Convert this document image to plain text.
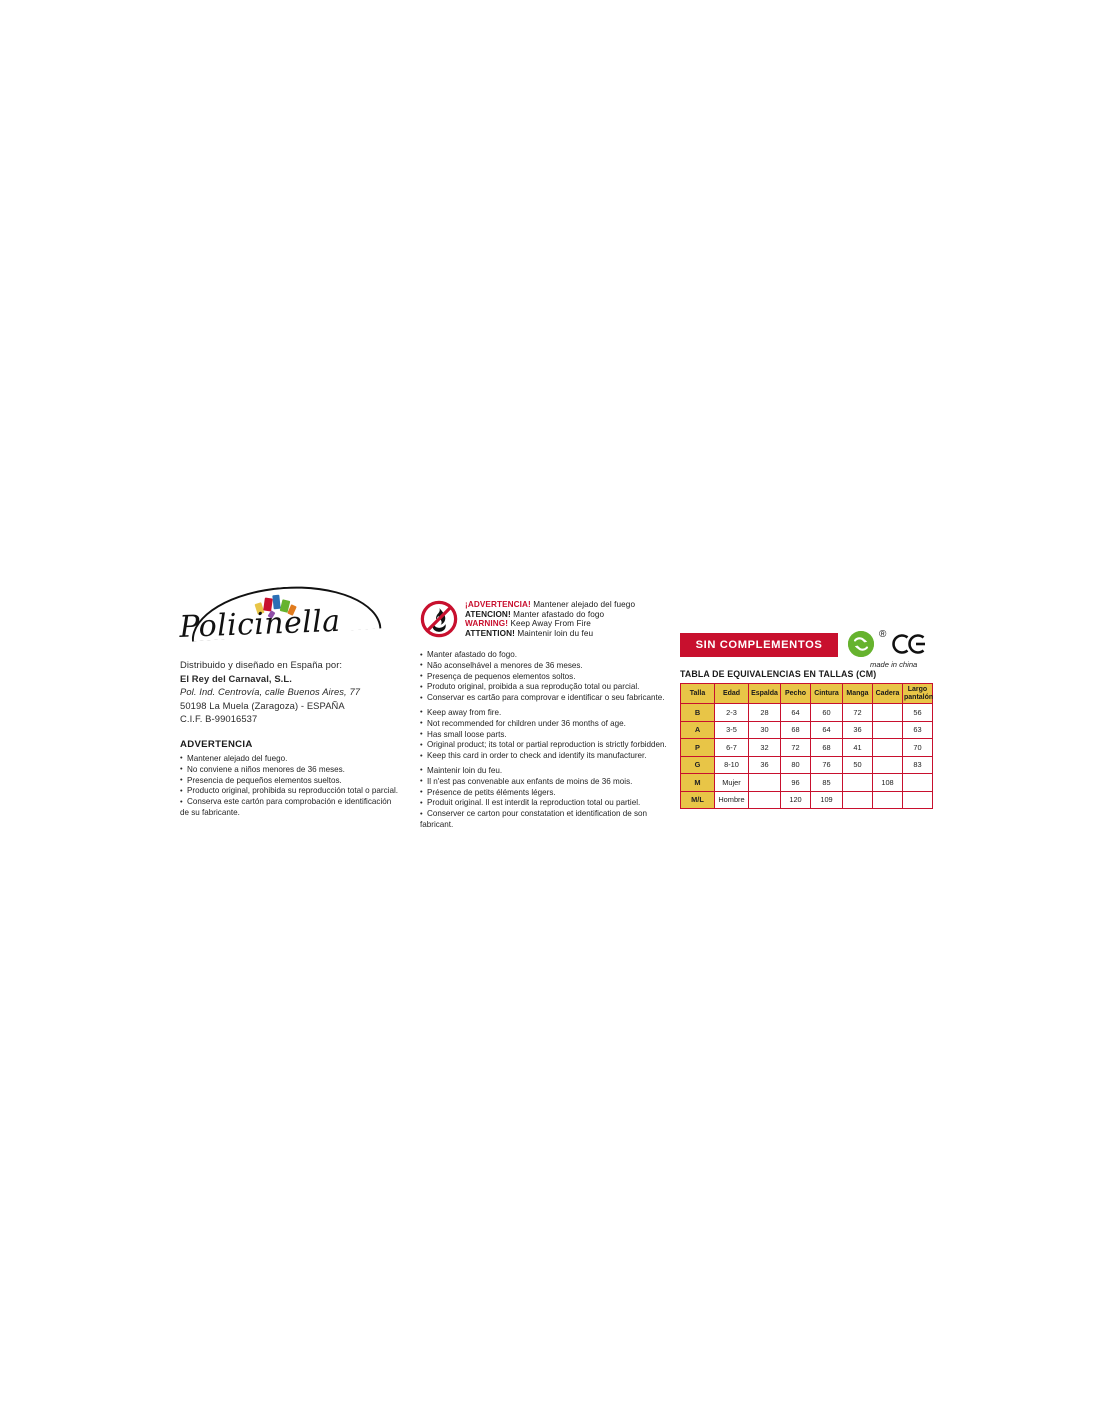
Policinella
Distribuido y diseñado en España por:
El Rey del Carnaval, S.L.
Pol. Ind. Centrovía, calle Buenos Aires, 77
50198 La Muela (Zaragoza) - ESPAÑA
C.I.F. B-99016537
ADVERTENCIA
• Mantener alejado del fuego.
• No conviene a niños menores de 36 meses.
• Presencia de pequeños elementos sueltos.
• Producto original, prohibida su reproducción total o parcial.
• Conserva este cartón para comprobación e identificación
de su fabricante.
¡ADVERTENCIA! Mantener alejado del fuego
ATENCION! Manter afastado do fogo
WARNING! Keep Away From Fire
ATTENTION! Maintenir loin du feu
• Manter afastado do fogo.
• Não aconselhável a menores de 36 meses.
• Presença de pequenos elementos soltos.
• Produto original, proibida a sua reprodução total ou parcial.
• Conservar es cartão para comprovar e identificar o seu fabricante.
• Keep away from fire.
• Not recommended for children under 36 months of age.
• Has small loose parts.
• Original product; its total or partial reproduction is strictly forbidden.
• Keep this card in order to check and identify its manufacturer.
• Maintenir loin du feu.
• Il n'est pas convenable aux enfants de moins de 36 mois.
• Présence de petits éléments légers.
• Produit original. Il est interdit la reproduction total ou partiel.
• Conserver ce carton pour constatation et identification de son
fabricant.
SIN COMPLEMENTOS
®
made in china
TABLA DE EQUIVALENCIAS EN TALLAS (CM)
Talla	Edad	Espalda	Pecho	Cintura	Manga	Cadera	Largo pantalón
B	2-3	28	64	60	72		56
A	3-5	30	68	64	36		63
P	6-7	32	72	68	41		70
G	8-10	36	80	76	50		83
M	Mujer		96	85		108	
M/L	Hombre		120	109			
